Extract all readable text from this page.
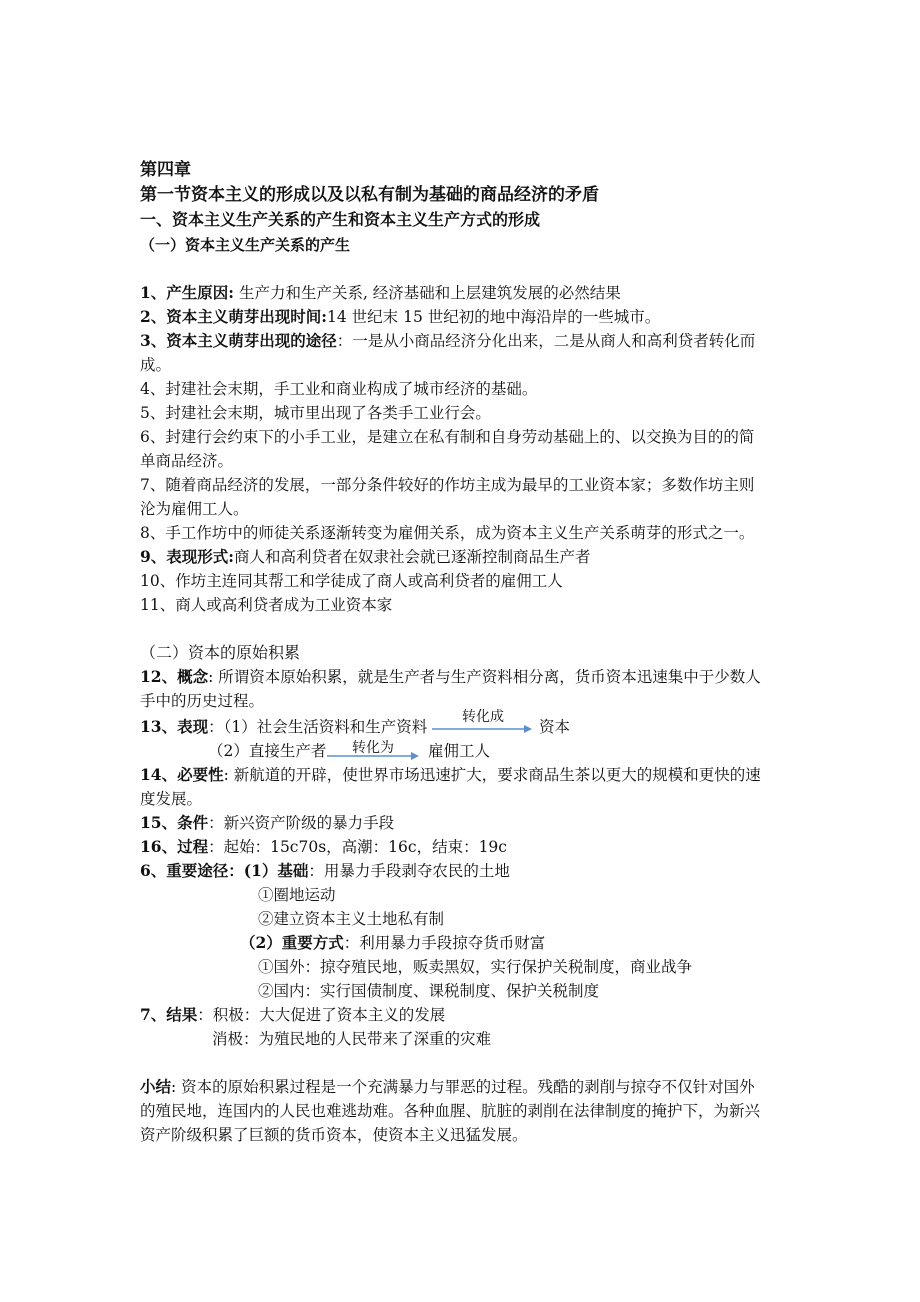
第四章
第一节资本主义的形成以及以私有制为基础的商品经济的矛盾
一、资本主义生产关系的产生和资本主义生产方式的形成
（一）资本主义生产关系的产生
1、产生原因: 生产力和生产关系, 经济基础和上层建筑发展的必然结果
2、资本主义萌芽出现时间:14 世纪末 15 世纪初的地中海沿岸的一些城市。
3、资本主义萌芽出现的途径：一是从小商品经济分化出来，二是从商人和高利贷者转化而
成。
4、封建社会末期，手工业和商业构成了城市经济的基础。
5、封建社会末期，城市里出现了各类手工业行会。
6、封建行会约束下的小手工业，是建立在私有制和自身劳动基础上的、以交换为目的的简
单商品经济。
7、随着商品经济的发展，一部分条件较好的作坊主成为最早的工业资本家；多数作坊主则
沦为雇佣工人。
8、手工作坊中的师徒关系逐渐转变为雇佣关系，成为资本主义生产关系萌芽的形式之一。
9、表现形式:商人和高利贷者在奴隶社会就已逐渐控制商品生产者
10、作坊主连同其帮工和学徒成了商人或高利贷者的雇佣工人
11、商人或高利贷者成为工业资本家
（二）资本的原始积累
12、概念: 所谓资本原始积累，就是生产者与生产资料相分离，货币资本迅速集中于少数人
手中的历史过程。
13、表现：（1）社会生活资料和生产资料
转化成
资本
（2）直接生产者 转化为 雇佣工人
14、必要性: 新航道的开辟，使世界市场迅速扩大，要求商品生茶以更大的规模和更快的速
度发展。
15、条件：新兴资产阶级的暴力手段
16、过程：起始：15c70s，高潮：16c，结束：19c
6、重要途径：(1）基础：用暴力手段剥夺农民的土地
①圈地运动
②建立资本主义土地私有制
（2）重要方式：利用暴力手段掠夺货币财富
①国外：掠夺殖民地，贩卖黑奴，实行保护关税制度，商业战争
②国内：实行国债制度、课税制度、保护关税制度
7、结果：积极：大大促进了资本主义的发展
消极：为殖民地的人民带来了深重的灾难
小结: 资本的原始积累过程是一个充满暴力与罪恶的过程。残酷的剥削与掠夺不仅针对国外
的殖民地，连国内的人民也难逃劫难。各种血腥、肮脏的剥削在法律制度的掩护下，为新兴
资产阶级积累了巨额的货币资本，使资本主义迅猛发展。
